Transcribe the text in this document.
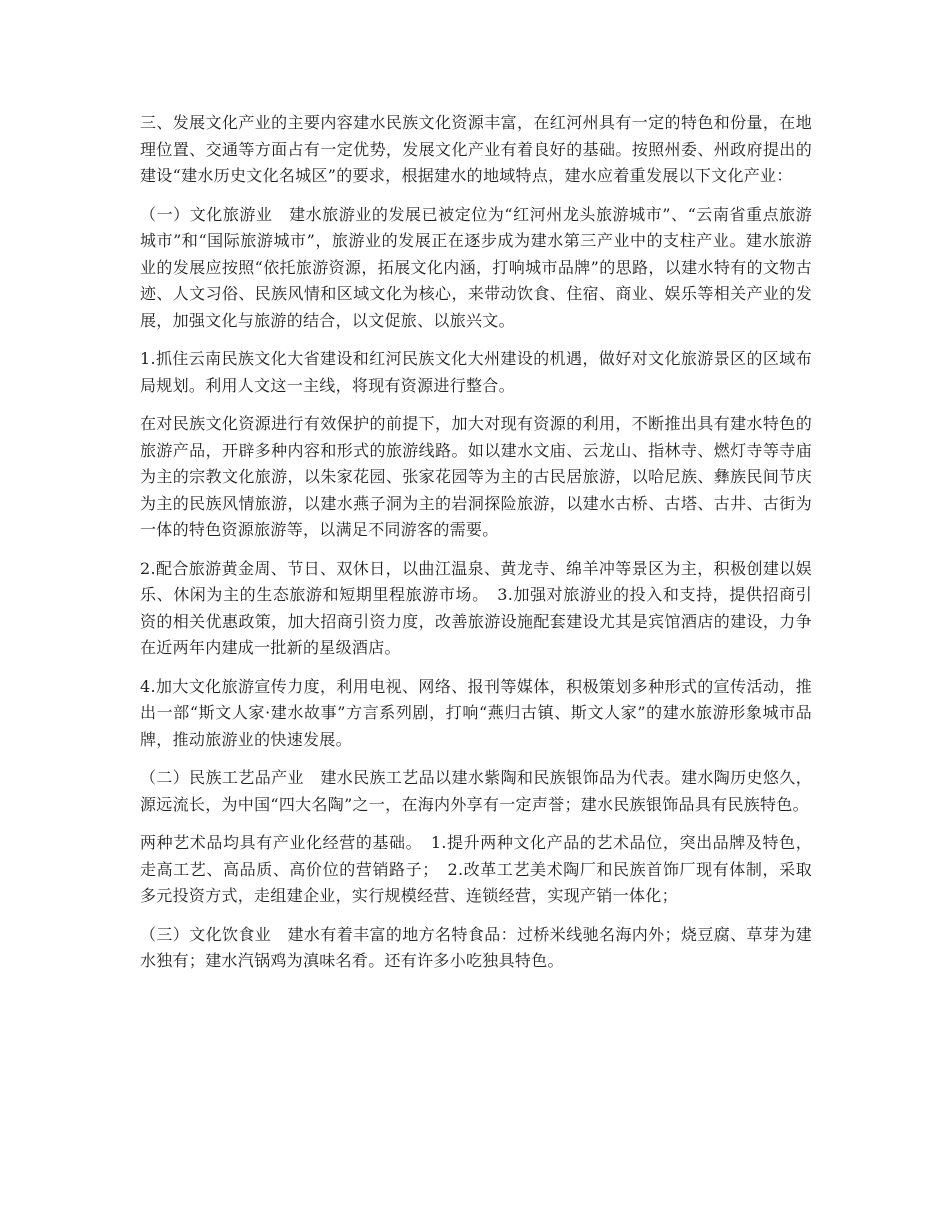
三、发展文化产业的主要内容建水民族文化资源丰富，在红河州具有一定的特色和份量，在地理位置、交通等方面占有一定优势，发展文化产业有着良好的基础。按照州委、州政府提出的建设“建水历史文化名城区”的要求，根据建水的地域特点，建水应着重发展以下文化产业：

（一）文化旅游业　建水旅游业的发展已被定位为“红河州龙头旅游城市”、“云南省重点旅游城市”和“国际旅游城市”，旅游业的发展正在逐步成为建水第三产业中的支柱产业。建水旅游业的发展应按照“依托旅游资源，拓展文化内涵，打响城市品牌”的思路，以建水特有的文物古迹、人文习俗、民族风情和区域文化为核心，来带动饮食、住宿、商业、娱乐等相关产业的发展，加强文化与旅游的结合，以文促旅、以旅兴文。

1.抓住云南民族文化大省建设和红河民族文化大州建设的机遇，做好对文化旅游景区的区域布局规划。利用人文这一主线，将现有资源进行整合。

在对民族文化资源进行有效保护的前提下，加大对现有资源的利用，不断推出具有建水特色的旅游产品，开辟多种内容和形式的旅游线路。如以建水文庙、云龙山、指林寺、燃灯寺等寺庙为主的宗教文化旅游，以朱家花园、张家花园等为主的古民居旅游，以哈尼族、彝族民间节庆为主的民族风情旅游，以建水燕子洞为主的岩洞探险旅游，以建水古桥、古塔、古井、古街为一体的特色资源旅游等，以满足不同游客的需要。

2.配合旅游黄金周、节日、双休日，以曲江温泉、黄龙寺、绵羊冲等景区为主，积极创建以娱乐、休闲为主的生态旅游和短期里程旅游市场。　3.加强对旅游业的投入和支持，提供招商引资的相关优惠政策，加大招商引资力度，改善旅游设施配套建设尤其是宾馆酒店的建设，力争在近两年内建成一批新的星级酒店。

4.加大文化旅游宣传力度，利用电视、网络、报刊等媒体，积极策划多种形式的宣传活动，推出一部“斯文人家·建水故事”方言系列剧，打响“燕归古镇、斯文人家”的建水旅游形象城市品牌，推动旅游业的快速发展。

（二）民族工艺品产业　建水民族工艺品以建水紫陶和民族银饰品为代表。建水陶历史悠久，源远流长，为中国“四大名陶”之一，在海内外享有一定声誉；建水民族银饰品具有民族特色。

两种艺术品均具有产业化经营的基础。　1.提升两种文化产品的艺术品位，突出品牌及特色，走高工艺、高品质、高价位的营销路子；　2.改革工艺美术陶厂和民族首饰厂现有体制，采取多元投资方式，走组建企业，实行规模经营、连锁经营，实现产销一体化；

（三）文化饮食业　建水有着丰富的地方名特食品：过桥米线驰名海内外；烧豆腐、草芽为建水独有；建水汽锅鸡为滇味名肴。还有许多小吃独具特色。
